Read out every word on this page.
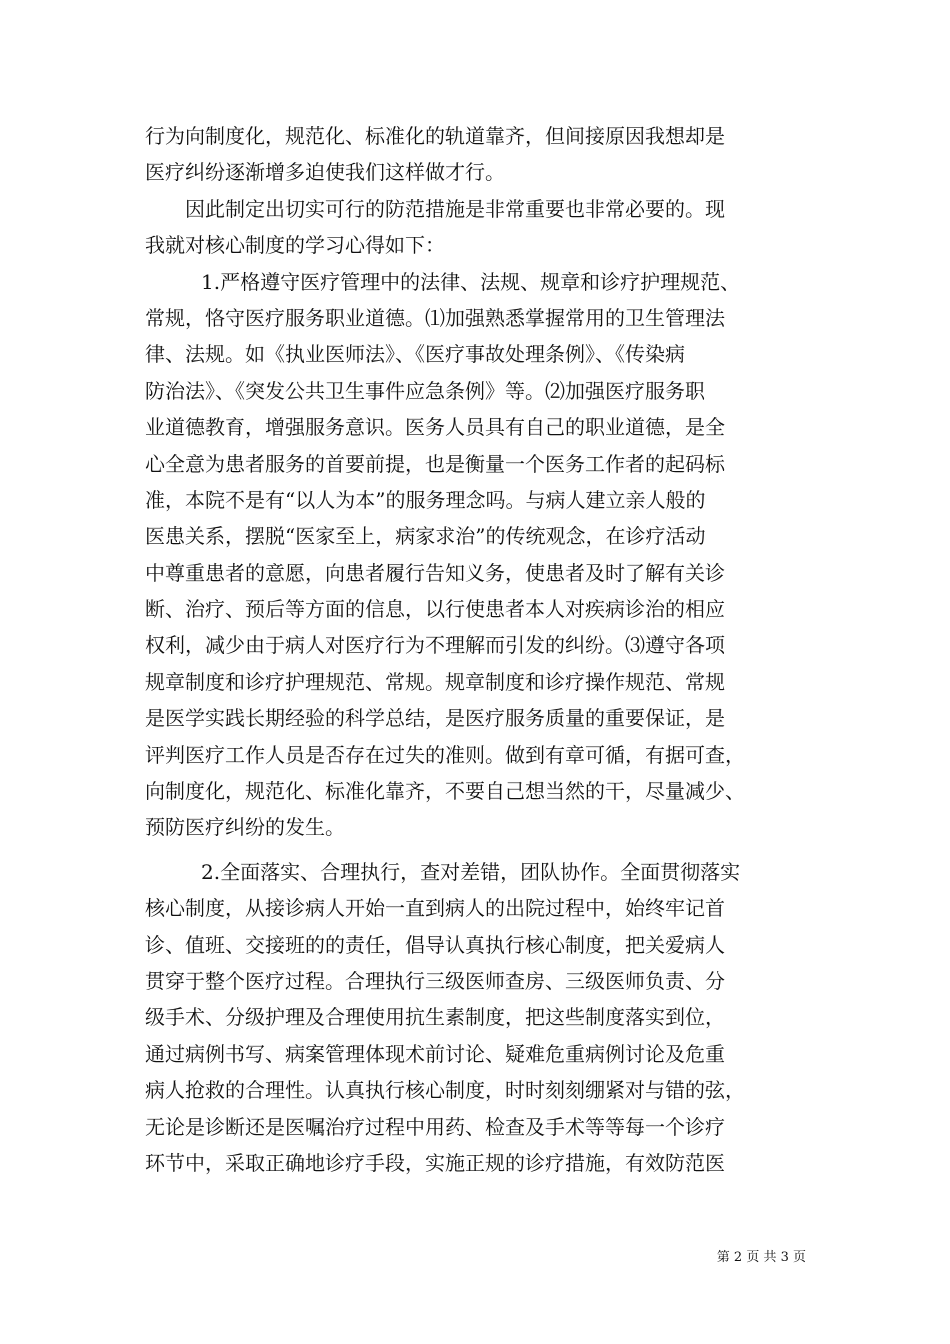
行为向制度化，规范化、标准化的轨道靠齐，但间接原因我想却是
医疗纠纷逐渐增多迫使我们这样做才行。
因此制定出切实可行的防范措施是非常重要也非常必要的。现
我就对核心制度的学习心得如下：
1.严格遵守医疗管理中的法律、法规、规章和诊疗护理规范、
常规，恪守医疗服务职业道德。⑴加强熟悉掌握常用的卫生管理法
律、法规。如《执业医师法》、《医疗事故处理条例》、《传染病
防治法》、《突发公共卫生事件应急条例》等。⑵加强医疗服务职
业道德教育，增强服务意识。医务人员具有自己的职业道德，是全
心全意为患者服务的首要前提，也是衡量一个医务工作者的起码标
准，本院不是有“以人为本”的服务理念吗。与病人建立亲人般的
医患关系，摆脱“医家至上，病家求治”的传统观念，在诊疗活动
中尊重患者的意愿，向患者履行告知义务，使患者及时了解有关诊
断、治疗、预后等方面的信息，以行使患者本人对疾病诊治的相应
权利，减少由于病人对医疗行为不理解而引发的纠纷。⑶遵守各项
规章制度和诊疗护理规范、常规。规章制度和诊疗操作规范、常规
是医学实践长期经验的科学总结，是医疗服务质量的重要保证，是
评判医疗工作人员是否存在过失的准则。做到有章可循，有据可查，
向制度化，规范化、标准化靠齐，不要自己想当然的干，尽量减少、
预防医疗纠纷的发生。
2.全面落实、合理执行，查对差错，团队协作。全面贯彻落实
核心制度，从接诊病人开始一直到病人的出院过程中，始终牢记首
诊、值班、交接班的的责任，倡导认真执行核心制度，把关爱病人
贯穿于整个医疗过程。合理执行三级医师查房、三级医师负责、分
级手术、分级护理及合理使用抗生素制度，把这些制度落实到位，
通过病例书写、病案管理体现术前讨论、疑难危重病例讨论及危重
病人抢救的合理性。认真执行核心制度，时时刻刻绷紧对与错的弦，
无论是诊断还是医嘱治疗过程中用药、检查及手术等等每一个诊疗
环节中，采取正确地诊疗手段，实施正规的诊疗措施，有效防范医
第 2 页 共 3 页
